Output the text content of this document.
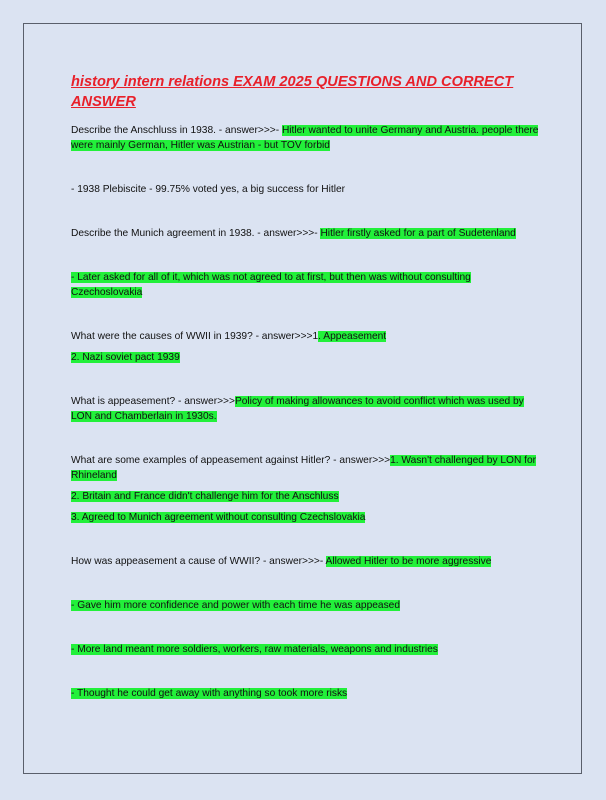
history intern relations EXAM 2025 QUESTIONS AND CORRECT ANSWER

Describe the Anschluss in 1938. - answer>>>- Hitler wanted to unite Germany and Austria. people there were mainly German, Hitler was Austrian - but TOV forbid

- 1938 Plebiscite - 99.75% voted yes, a big success for Hitler

Describe the Munich agreement in 1938. - answer>>>- Hitler firstly asked for a part of Sudetenland

- Later asked for all of it, which was not agreed to at first, but then was without consulting Czechoslovakia

What were the causes of WWII in 1939? - answer>>>1. Appeasement

2. Nazi soviet pact 1939

What is appeasement? - answer>>>Policy of making allowances to avoid conflict which was used by LON and Chamberlain in 1930s.

What are some examples of appeasement against Hitler? - answer>>>1. Wasn't challenged by LON for Rhineland

2. Britain and France didn't challenge him for the Anschluss

3. Agreed to Munich agreement without consulting Czechslovakia

How was appeasement a cause of WWII? - answer>>>- Allowed Hitler to be more aggressive

- Gave him more confidence and power with each time he was appeased

- More land meant more soldiers, workers, raw materials, weapons and industries

- Thought he could get away with anything so took more risks
